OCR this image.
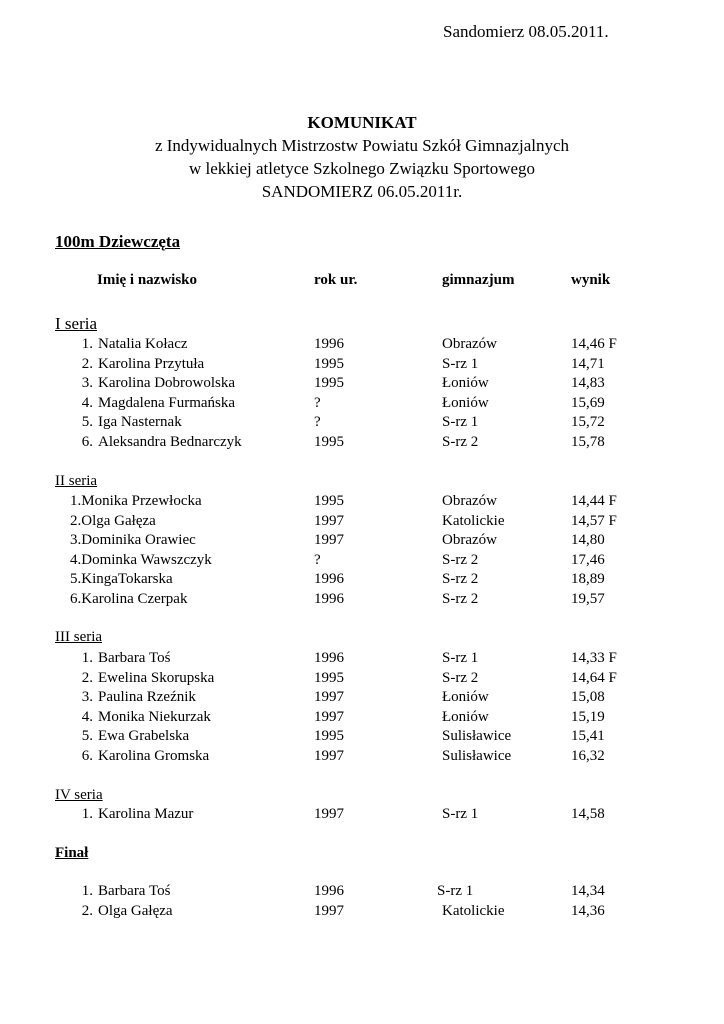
Sandomierz 08.05.2011.
KOMUNIKAT
z Indywidualnych Mistrzostw Powiatu Szkół Gimnazjalnych
w lekkiej atletyce Szkolnego Związku Sportowego
SANDOMIERZ 06.05.2011r.
100m Dziewczęta
Imię i nazwisko	rok ur.	gimnazjum	wynik
I seria
1. Natalia Kołacz	1996	Obrazów	14,46 F
2. Karolina Przytuła	1995	S-rz 1	14,71
3. Karolina Dobrowolska	1995	Łoniów	14,83
4. Magdalena Furmańska	?	Łoniów	15,69
5. Iga Nasternak	?	S-rz 1	15,72
6. Aleksandra Bednarczyk	1995	S-rz 2	15,78
II seria
1.Monika Przewłocka	1995	Obrazów	14,44 F
2.Olga Gałęza	1997	Katolickie	14,57 F
3.Dominika Orawiec	1997	Obrazów	14,80
4.Dominka Wawszczyk	?	S-rz 2	17,46
5.KingaTokarska	1996	S-rz 2	18,89
6.Karolina Czerpak	1996	S-rz 2	19,57
III seria
1. Barbara Toś	1996	S-rz 1	14,33 F
2. Ewelina Skorupska	1995	S-rz 2	14,64 F
3. Paulina Rzeźnik	1997	Łoniów	15,08
4. Monika Niekurzak	1997	Łoniów	15,19
5. Ewa Grabelska	1995	Sulisławice	15,41
6. Karolina Gromska	1997	Sulisławice	16,32
IV seria
1. Karolina Mazur	1997	S-rz 1	14,58
Finał
1. Barbara Toś	1996	S-rz 1	14,34
2. Olga Gałęza	1997	Katolickie	14,36
